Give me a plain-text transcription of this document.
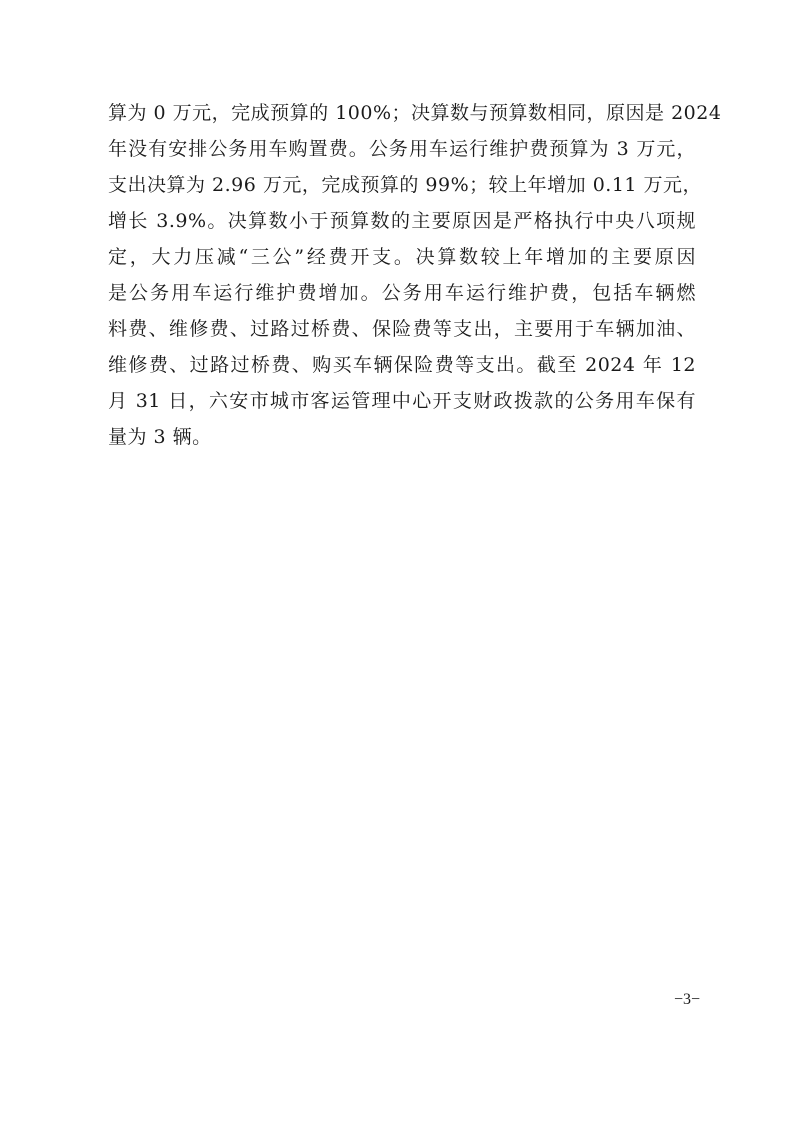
算为 0 万元，完成预算的 100%；决算数与预算数相同，原因是 2024
年没有安排公务用车购置费。公务用车运行维护费预算为 3 万元，
支出决算为 2.96 万元，完成预算的 99%；较上年增加 0.11 万元，
增长 3.9%。决算数小于预算数的主要原因是严格执行中央八项规
定，大力压减“三公”经费开支。决算数较上年增加的主要原因
是公务用车运行维护费增加。公务用车运行维护费，包括车辆燃
料费、维修费、过路过桥费、保险费等支出，主要用于车辆加油、
维修费、过路过桥费、购买车辆保险费等支出。截至 2024 年 12
月 31 日，六安市城市客运管理中心开支财政拨款的公务用车保有
量为 3 辆。
−3−
